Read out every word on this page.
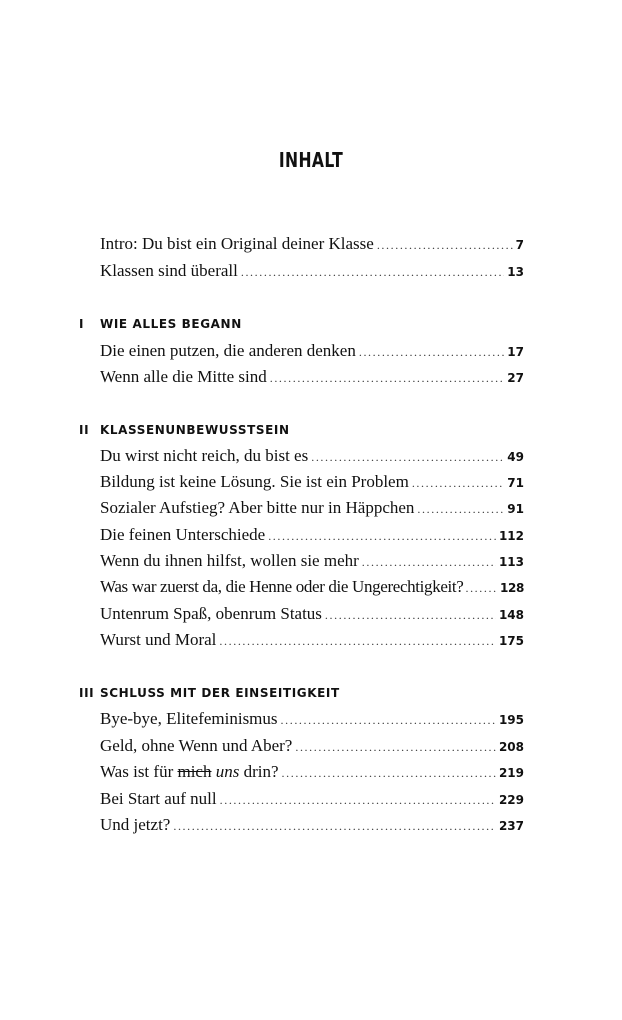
INHALT
Intro: Du bist ein Original deiner Klasse .....	7
Klassen sind überall .....	13
I	WIE ALLES BEGANN
Die einen putzen, die anderen denken .....	17
Wenn alle die Mitte sind .....	27
II KLASSENUNBEWUSSTSEIN
Du wirst nicht reich, du bist es .....	49
Bildung ist keine Lösung. Sie ist ein Problem .....	71
Sozialer Aufstieg? Aber bitte nur in Häppchen .....	91
Die feinen Unterschiede .....	112
Wenn du ihnen hilfst, wollen sie mehr .....	113
Was war zuerst da, die Henne oder die Ungerechtigkeit? .....	128
Untenrum Spaß, obenrum Status .....	148
Wurst und Moral .....	175
III SCHLUSS MIT DER EINSEITIGKEIT
Bye-bye, Elitefeminismus .....	195
Geld, ohne Wenn und Aber? .....	208
Was ist für mich uns drin? .....	219
Bei Start auf null .....	229
Und jetzt? .....	237
